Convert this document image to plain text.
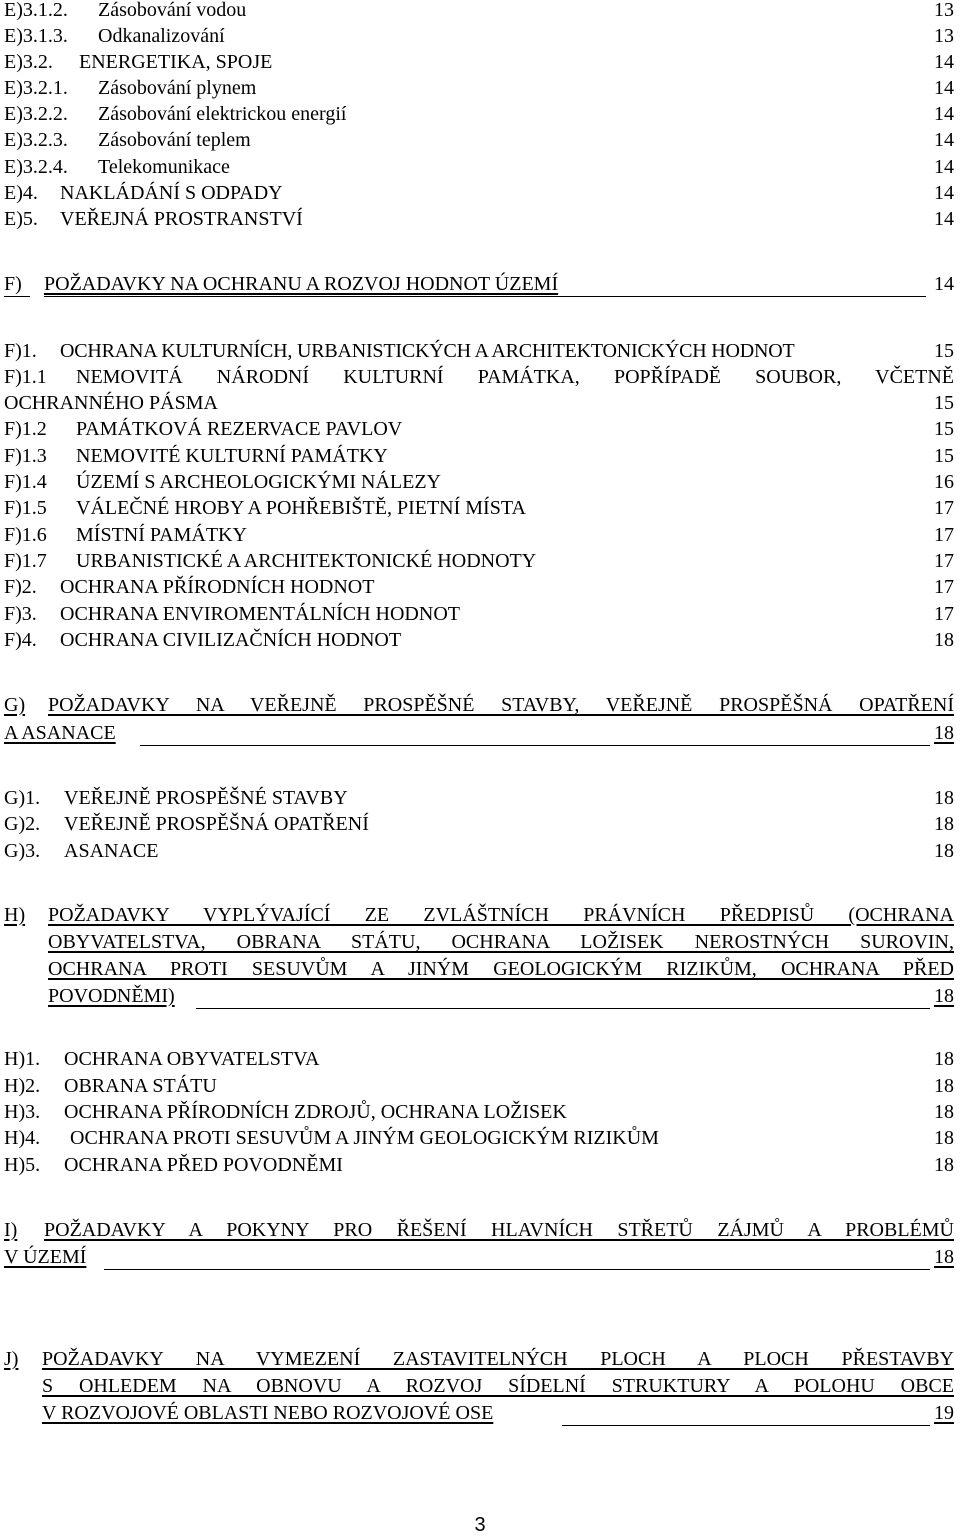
E)3.1.2.	Zásobování vodou	13
E)3.1.3.	Odkanalizování	13
E)3.2.	ENERGETIKA, SPOJE	14
E)3.2.1.	Zásobování plynem	14
E)3.2.2.	Zásobování elektrickou energií	14
E)3.2.3.	Zásobování teplem	14
E)3.2.4.	Telekomunikace	14
E)4.	NAKLÁDÁNÍ S ODPADY	14
E)5.	VEŘEJNÁ PROSTRANSTVÍ	14
F)	POŽADAVKY NA OCHRANU A ROZVOJ HODNOT ÚZEMÍ	14
F)1.	OCHRANA KULTURNÍCH, URBANISTICKÝCH A ARCHITEKTONICKÝCH HODNOT	15
F)1.1	NEMOVITÁ NÁRODNÍ KULTURNÍ PAMÁTKA, POPŘÍPADĚ SOUBOR, VČETNĚ
OCHRANNÉHO PÁSMA	15
F)1.2	PAMÁTKOVÁ REZERVACE PAVLOV	15
F)1.3	NEMOVITÉ KULTURNÍ PAMÁTKY	15
F)1.4	ÚZEMÍ S ARCHEOLOGICKÝMI NÁLEZY	16
F)1.5	VÁLEČNÉ HROBY A POHŘEBIŠTĚ, PIETNÍ MÍSTA	17
F)1.6	MÍSTNÍ PAMÁTKY	17
F)1.7	URBANISTICKÉ A ARCHITEKTONICKÉ HODNOTY	17
F)2.	OCHRANA PŘÍRODNÍCH HODNOT	17
F)3.	OCHRANA ENVIROMENTÁLNÍCH HODNOT	17
F)4.	OCHRANA CIVILIZAČNÍCH HODNOT	18
G)	POŽADAVKY NA VEŘEJNĚ PROSPĚŠNÉ STAVBY, VEŘEJNĚ PROSPĚŠNÁ OPATŘENÍ
A ASANACE	18
G)1.	VEŘEJNĚ PROSPĚŠNÉ STAVBY	18
G)2.	VEŘEJNĚ PROSPĚŠNÁ OPATŘENÍ	18
G)3.	ASANACE	18
H)	POŽADAVKY VYPLÝVAJÍCÍ ZE ZVLÁŠTNÍCH PRÁVNÍCH PŘEDPISŮ (OCHRANA
OBYVATELSTVA, OBRANA STÁTU, OCHRANA LOŽISEK NEROSTNÝCH SUROVIN,
OCHRANA PROTI SESUVŮM A JINÝM GEOLOGICKÝM RIZIKŮM, OCHRANA PŘED
POVODNĚMI)	18
H)1.	OCHRANA OBYVATELSTVA	18
H)2.	OBRANA STÁTU	18
H)3.	OCHRANA PŘÍRODNÍCH ZDROJŮ, OCHRANA LOŽISEK	18
H)4.	OCHRANA PROTI SESUVŮM A JINÝM GEOLOGICKÝM RIZIKŮM	18
H)5.	OCHRANA PŘED POVODNĚMI	18
I)	POŽADAVKY A POKYNY PRO ŘEŠENÍ HLAVNÍCH STŘETŮ ZÁJMŮ A PROBLÉMŮ
V ÚZEMÍ	18
J)	POŽADAVKY NA VYMEZENÍ ZASTAVITELNÝCH PLOCH A PLOCH PŘESTAVBY
S OHLEDEM NA OBNOVU A ROZVOJ SÍDELNÍ STRUKTURY A POLOHU OBCE
V ROZVOJOVÉ OBLASTI NEBO ROZVOJOVÉ OSE	19
3
